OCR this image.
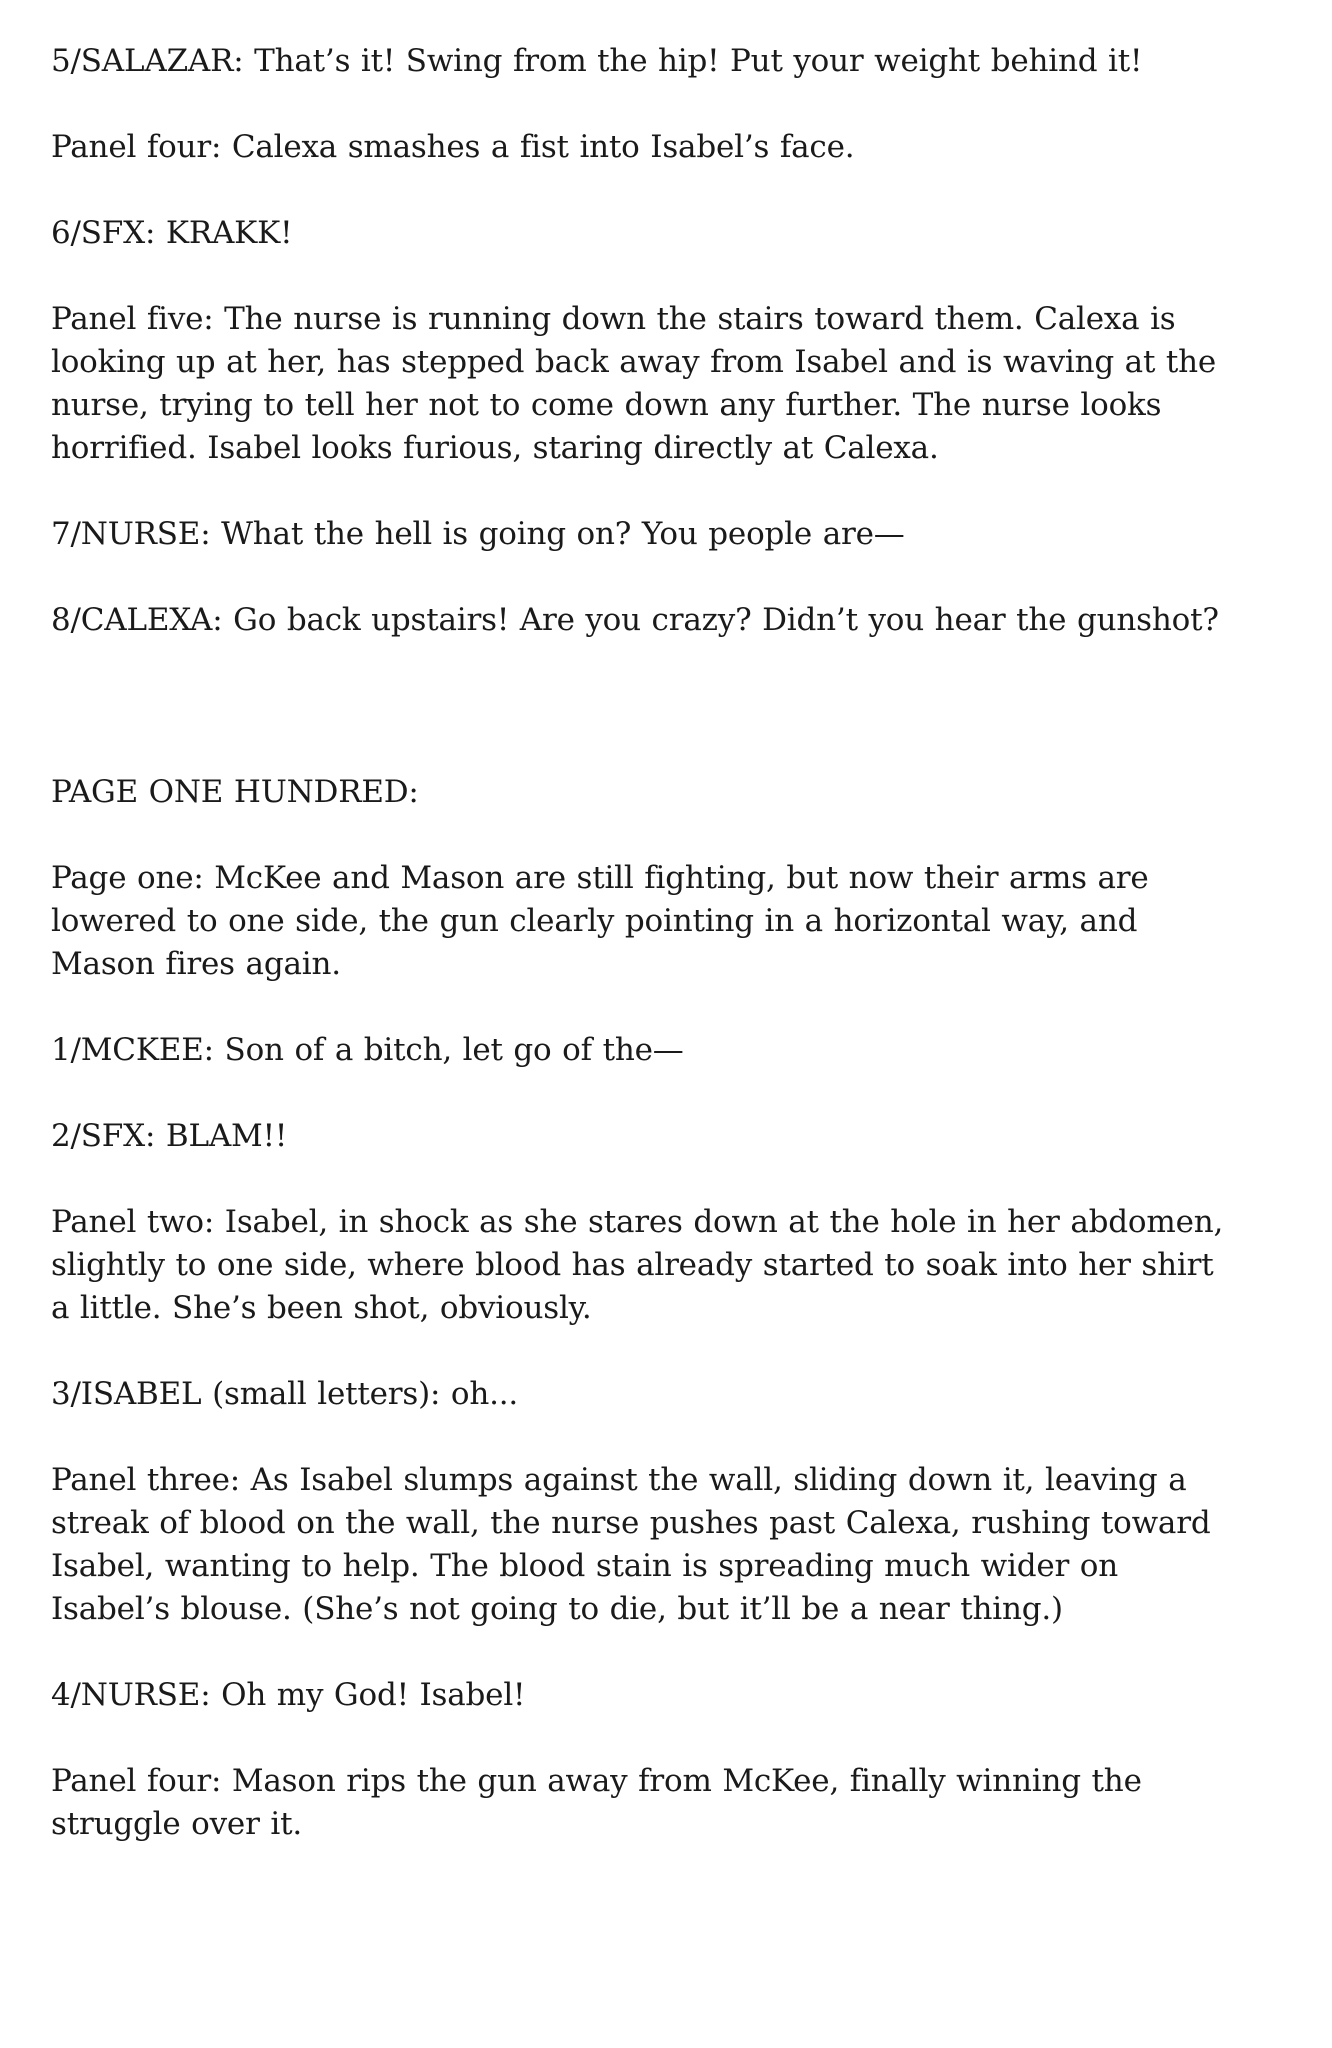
5/SALAZAR: That’s it! Swing from the hip! Put your weight behind it!

Panel four: Calexa smashes a fist into Isabel’s face.

6/SFX: KRAKK!

Panel five: The nurse is running down the stairs toward them. Calexa is looking up at her, has stepped back away from Isabel and is waving at the nurse, trying to tell her not to come down any further. The nurse looks horrified. Isabel looks furious, staring directly at Calexa.

7/NURSE: What the hell is going on? You people are—

8/CALEXA: Go back upstairs! Are you crazy? Didn’t you hear the gunshot?

PAGE ONE HUNDRED:

Page one: McKee and Mason are still fighting, but now their arms are lowered to one side, the gun clearly pointing in a horizontal way, and Mason fires again.

1/MCKEE: Son of a bitch, let go of the—

2/SFX: BLAM!!

Panel two: Isabel, in shock as she stares down at the hole in her abdomen, slightly to one side, where blood has already started to soak into her shirt a little. She’s been shot, obviously.

3/ISABEL (small letters): oh...

Panel three: As Isabel slumps against the wall, sliding down it, leaving a streak of blood on the wall, the nurse pushes past Calexa, rushing toward Isabel, wanting to help. The blood stain is spreading much wider on Isabel’s blouse. (She’s not going to die, but it’ll be a near thing.)

4/NURSE: Oh my God! Isabel!

Panel four: Mason rips the gun away from McKee, finally winning the struggle over it.
